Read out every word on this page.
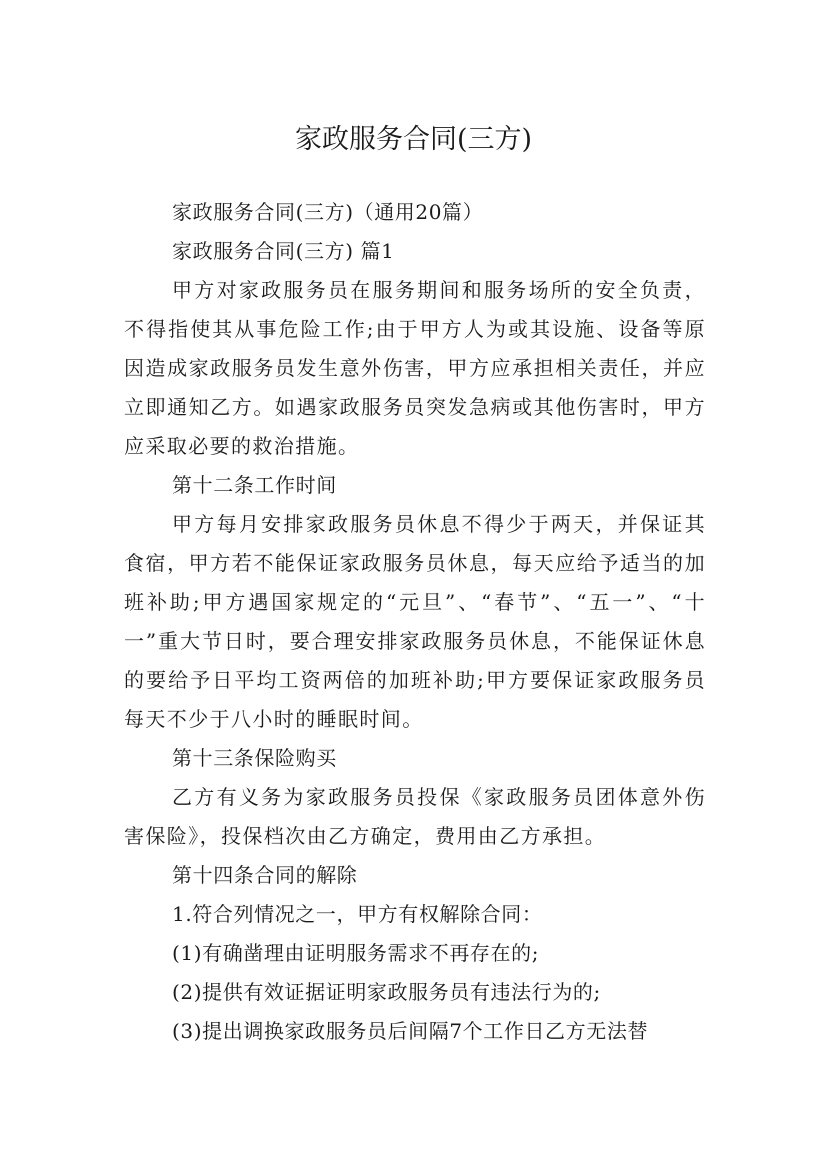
家政服务合同(三方)

家政服务合同(三方)（通用20篇）

家政服务合同(三方) 篇1

甲方对家政服务员在服务期间和服务场所的安全负责，不得指使其从事危险工作;由于甲方人为或其设施、设备等原因造成家政服务员发生意外伤害，甲方应承担相关责任，并应立即通知乙方。如遇家政服务员突发急病或其他伤害时，甲方应采取必要的救治措施。

第十二条工作时间

甲方每月安排家政服务员休息不得少于两天，并保证其食宿，甲方若不能保证家政服务员休息，每天应给予适当的加班补助;甲方遇国家规定的“元旦”、“春节”、“五一”、“十一”重大节日时，要合理安排家政服务员休息，不能保证休息的要给予日平均工资两倍的加班补助;甲方要保证家政服务员每天不少于八小时的睡眠时间。

第十三条保险购买

乙方有义务为家政服务员投保《家政服务员团体意外伤害保险》，投保档次由乙方确定，费用由乙方承担。

第十四条合同的解除

1.符合列情况之一，甲方有权解除合同：

(1)有确凿理由证明服务需求不再存在的;

(2)提供有效证据证明家政服务员有违法行为的;

(3)提出调换家政服务员后间隔7个工作日乙方无法替
